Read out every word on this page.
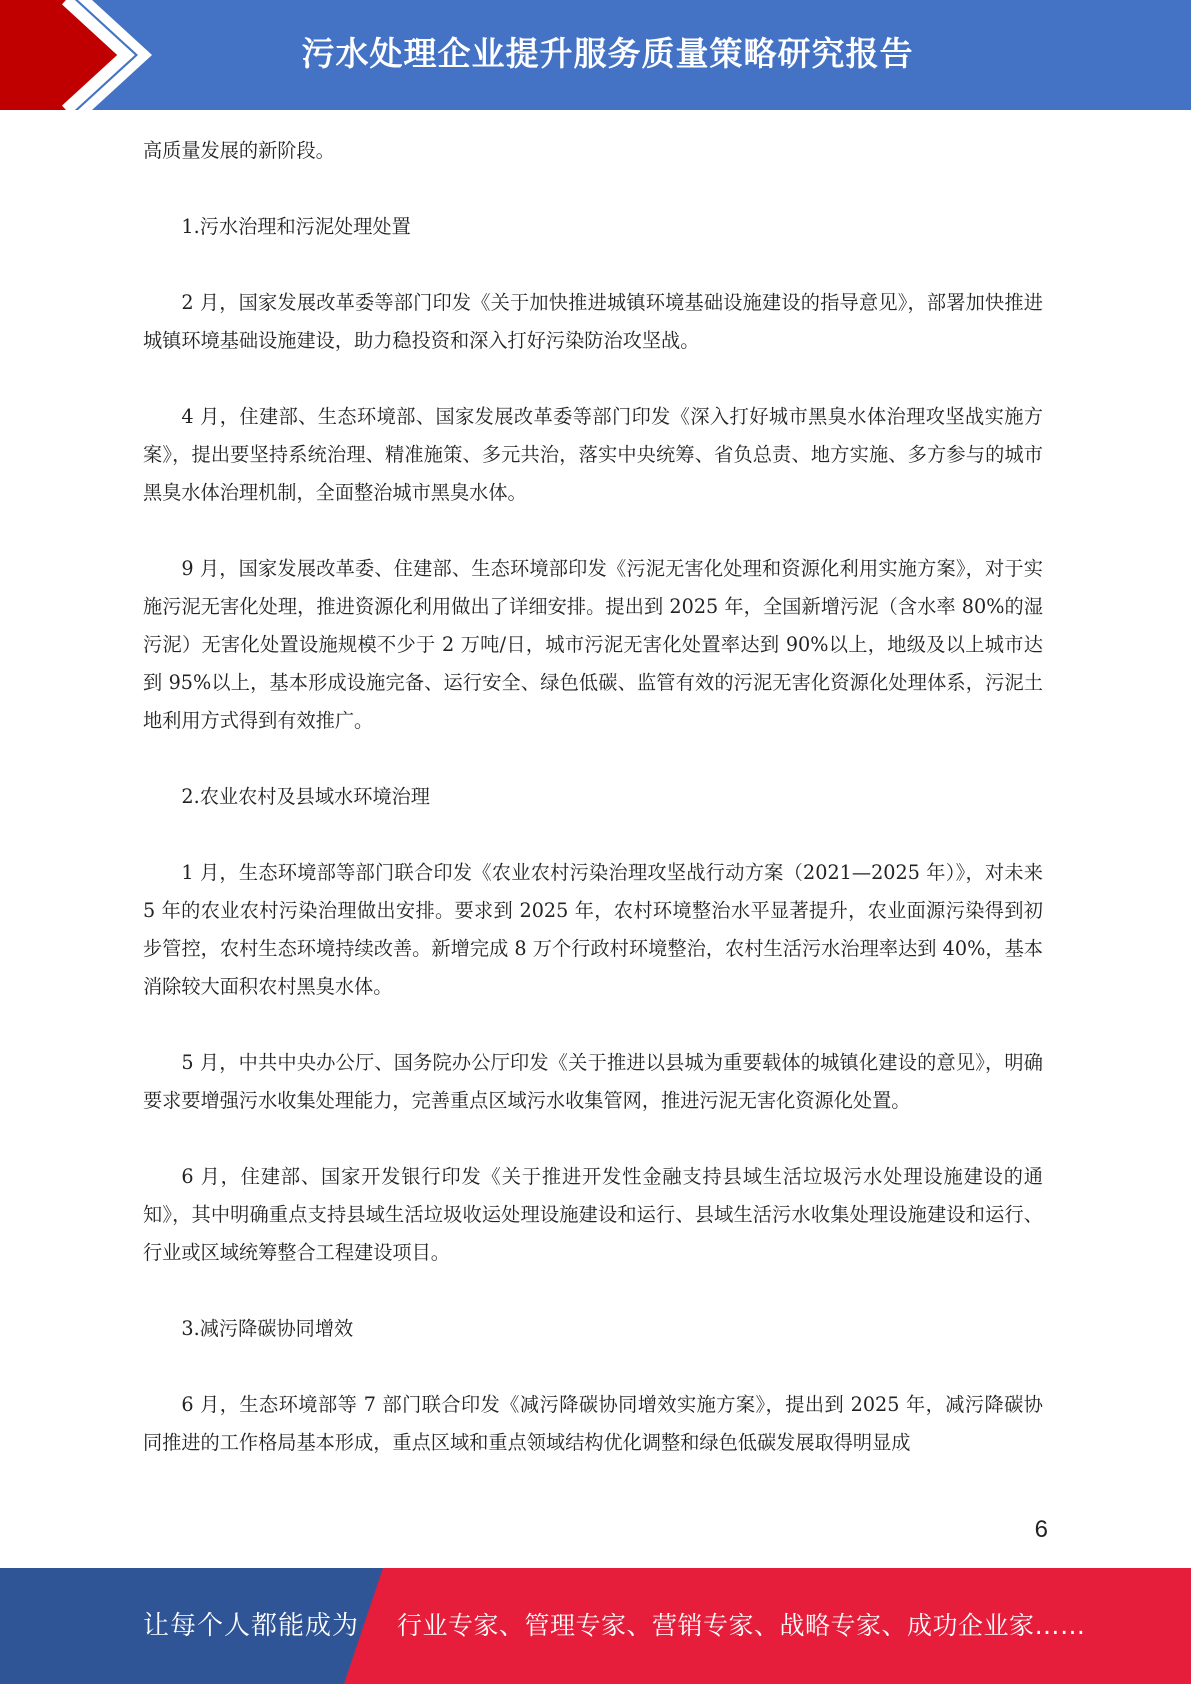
污水处理企业提升服务质量策略研究报告

高质量发展的新阶段。

1.污水治理和污泥处理处置

2 月，国家发展改革委等部门印发《关于加快推进城镇环境基础设施建设的指导意见》，部署加快推进城镇环境基础设施建设，助力稳投资和深入打好污染防治攻坚战。

4 月，住建部、生态环境部、国家发展改革委等部门印发《深入打好城市黑臭水体治理攻坚战实施方案》，提出要坚持系统治理、精准施策、多元共治，落实中央统筹、省负总责、地方实施、多方参与的城市黑臭水体治理机制，全面整治城市黑臭水体。

9 月，国家发展改革委、住建部、生态环境部印发《污泥无害化处理和资源化利用实施方案》，对于实施污泥无害化处理，推进资源化利用做出了详细安排。提出到 2025 年，全国新增污泥（含水率 80%的湿污泥）无害化处置设施规模不少于 2 万吨/日，城市污泥无害化处置率达到 90%以上，地级及以上城市达到 95%以上，基本形成设施完备、运行安全、绿色低碳、监管有效的污泥无害化资源化处理体系，污泥土地利用方式得到有效推广。

2.农业农村及县域水环境治理

1 月，生态环境部等部门联合印发《农业农村污染治理攻坚战行动方案（2021—2025 年）》，对未来 5 年的农业农村污染治理做出安排。要求到 2025 年，农村环境整治水平显著提升，农业面源污染得到初步管控，农村生态环境持续改善。新增完成 8 万个行政村环境整治，农村生活污水治理率达到 40%，基本消除较大面积农村黑臭水体。

5 月，中共中央办公厅、国务院办公厅印发《关于推进以县城为重要载体的城镇化建设的意见》，明确要求要增强污水收集处理能力，完善重点区域污水收集管网，推进污泥无害化资源化处置。

6 月，住建部、国家开发银行印发《关于推进开发性金融支持县域生活垃圾污水处理设施建设的通知》，其中明确重点支持县域生活垃圾收运处理设施建设和运行、县域生活污水收集处理设施建设和运行、行业或区域统筹整合工程建设项目。

3.减污降碳协同增效

6 月，生态环境部等 7 部门联合印发《减污降碳协同增效实施方案》，提出到 2025 年，减污降碳协同推进的工作格局基本形成，重点区域和重点领域结构优化调整和绿色低碳发展取得明显成

6
让每个人都能成为 行业专家、管理专家、营销专家、战略专家、成功企业家……
